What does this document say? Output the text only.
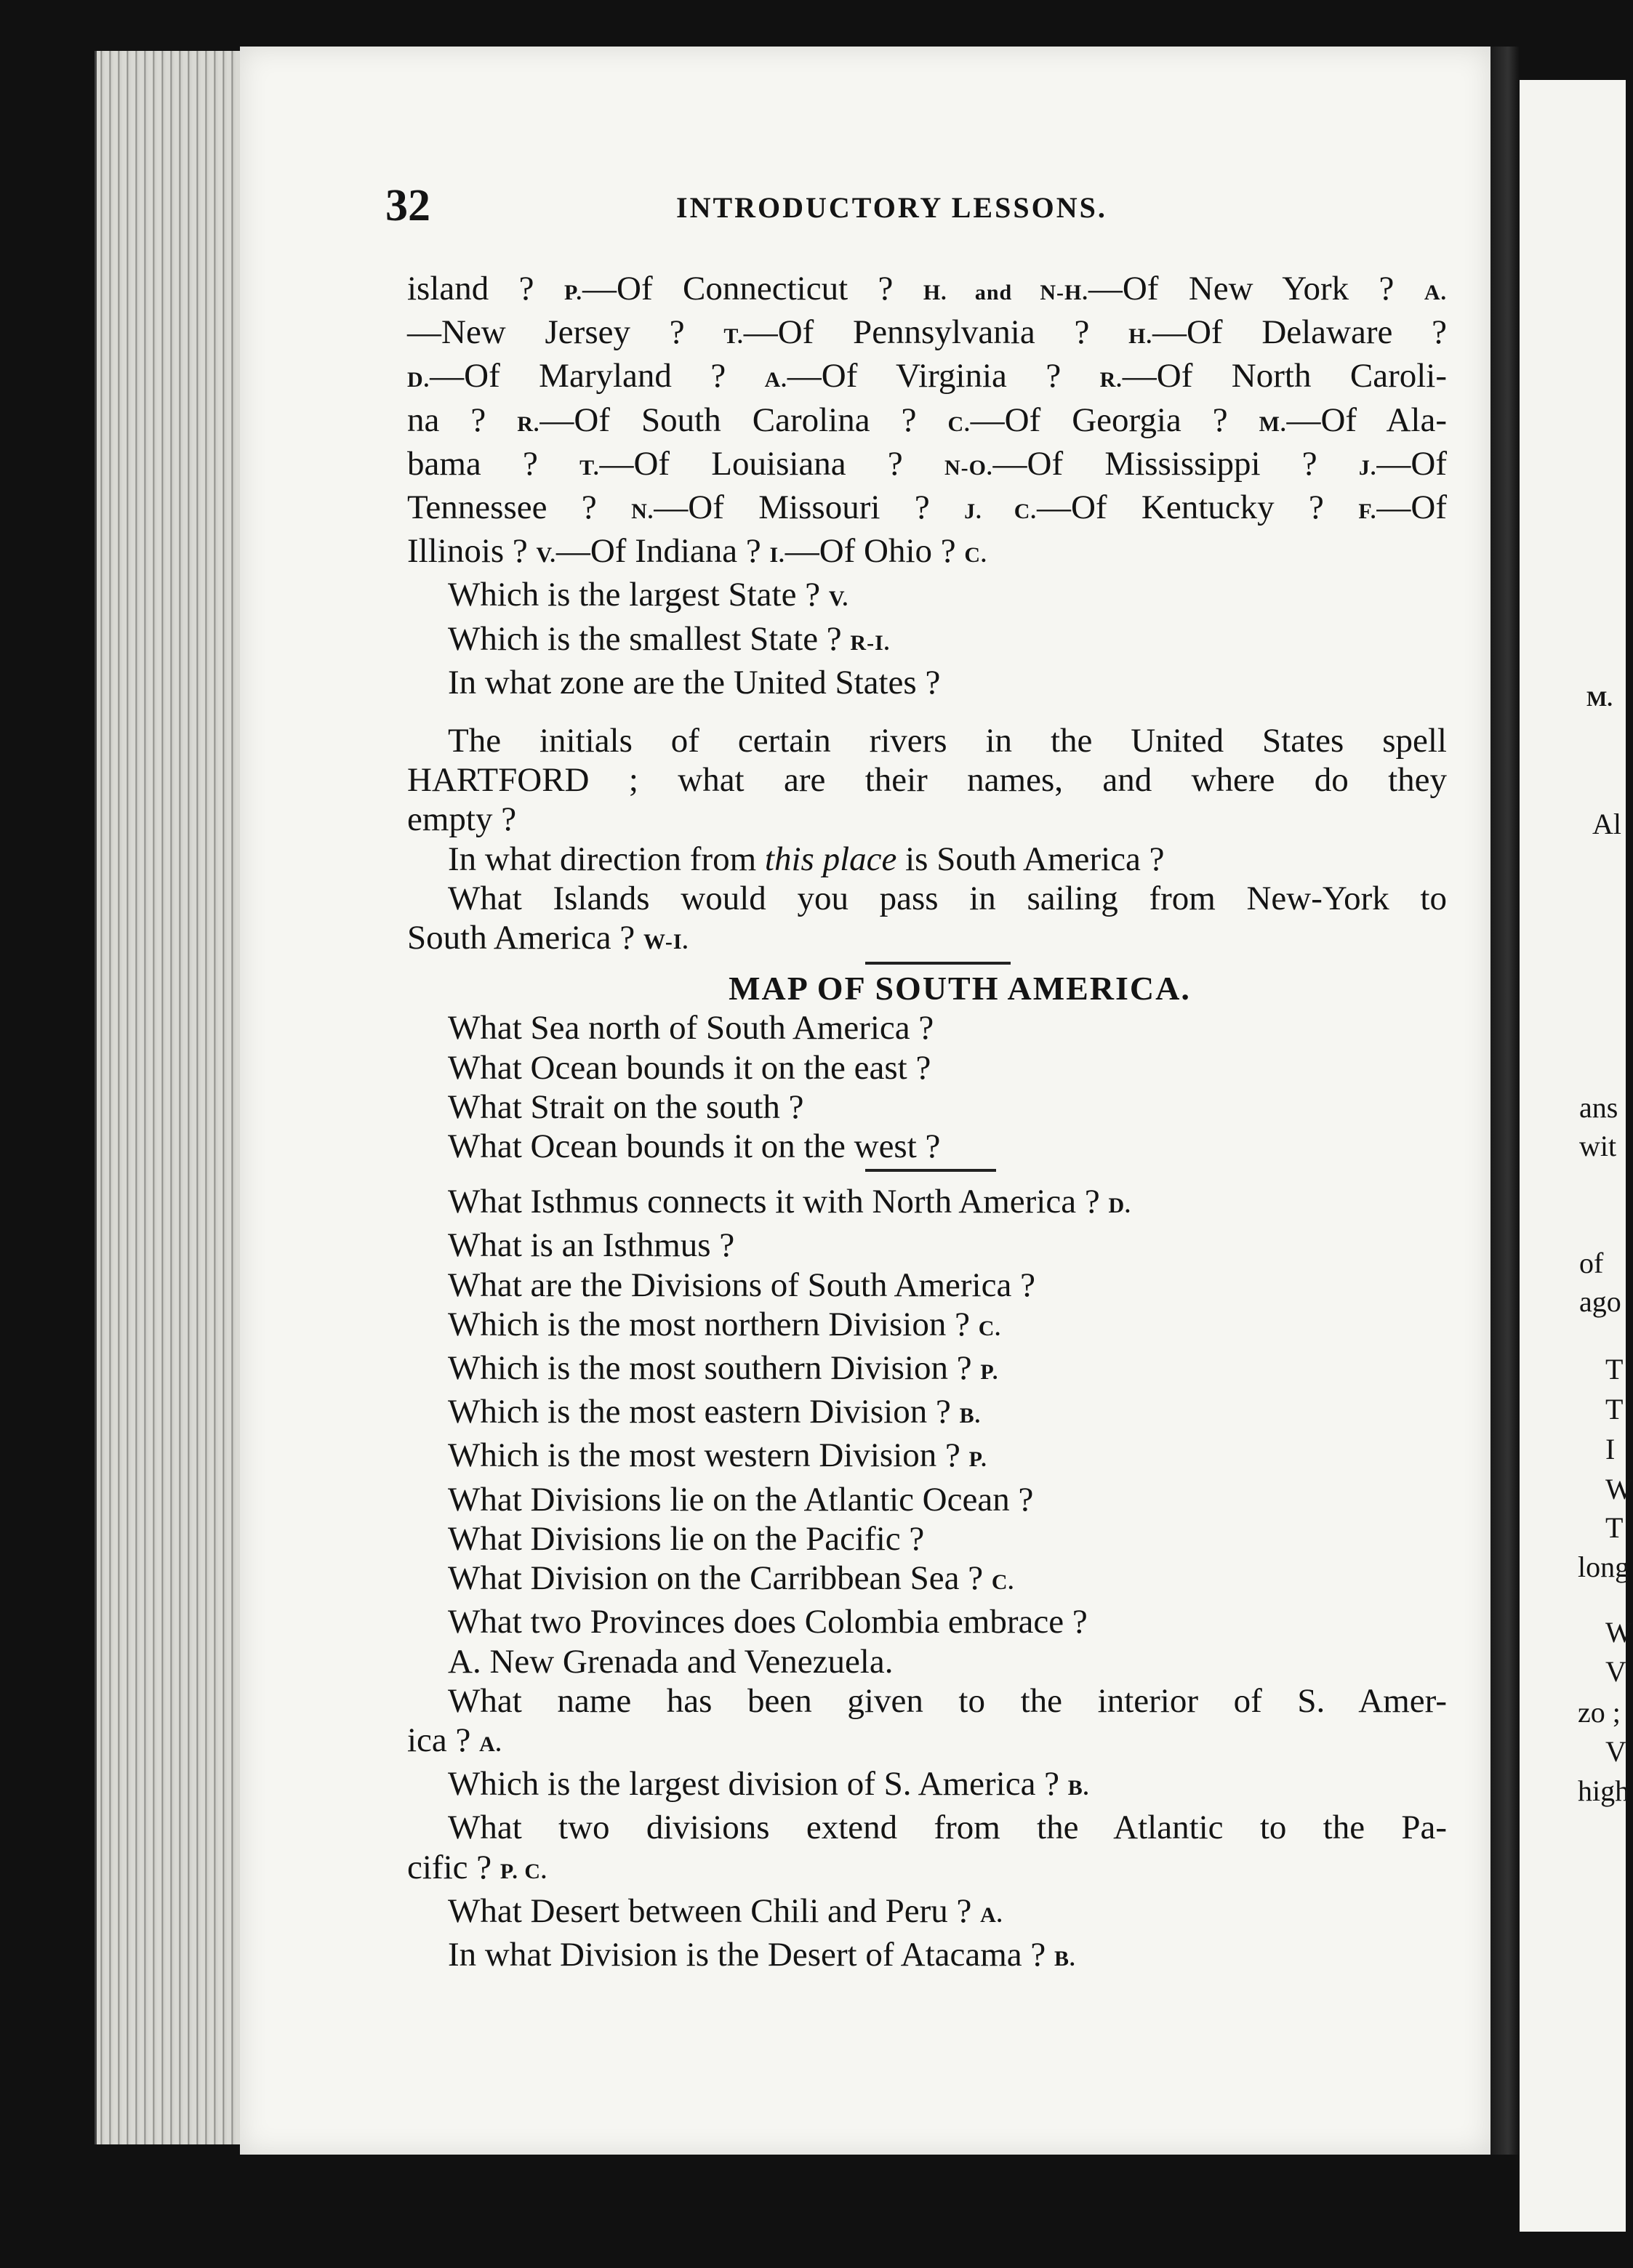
M.
Al
ans
wit
of
ago
T
T
I
W
T
long
W
V
zo ;
V
high
32	INTRODUCTORY LESSONS.
island ? P.—Of Connecticut ? H. and N-H.—Of New York ? A.
—New Jersey ? T.—Of Pennsylvania ? H.—Of Delaware ?
D.—Of Maryland ? A.—Of Virginia ? R.—Of North Caroli-
na ? R.—Of South Carolina ? C.—Of Georgia ? M.—Of Ala-
bama ? T.—Of Louisiana ? N-O.—Of Mississippi ? J.—Of
Tennessee ? N.—Of Missouri ? J. C.—Of Kentucky ? F.—Of
Illinois ? V.—Of Indiana ? I.—Of Ohio ? C.
Which is the largest State ? V.
Which is the smallest State ? R-I.
In what zone are the United States ?
The initials of certain rivers in the United States spell
HARTFORD ; what are their names, and where do they
empty ?
In what direction from this place is South America ?
What Islands would you pass in sailing from New-York to
South America ? W-I.
MAP OF SOUTH AMERICA.
What Sea north of South America ?
What Ocean bounds it on the east ?
What Strait on the south ?
What Ocean bounds it on the west ?
What Isthmus connects it with North America ? D.
What is an Isthmus ?
What are the Divisions of South America ?
Which is the most northern Division ? C.
Which is the most southern Division ? P.
Which is the most eastern Division ? B.
Which is the most western Division ? P.
What Divisions lie on the Atlantic Ocean ?
What Divisions lie on the Pacific ?
What Division on the Carribbean Sea ? C.
What two Provinces does Colombia embrace ?
A. New Grenada and Venezuela.
What name has been given to the interior of S. Amer-
ica ? A.
Which is the largest division of S. America ? B.
What two divisions extend from the Atlantic to the Pa-
cific ? P. C.
What Desert between Chili and Peru ? A.
In what Division is the Desert of Atacama ? B.
